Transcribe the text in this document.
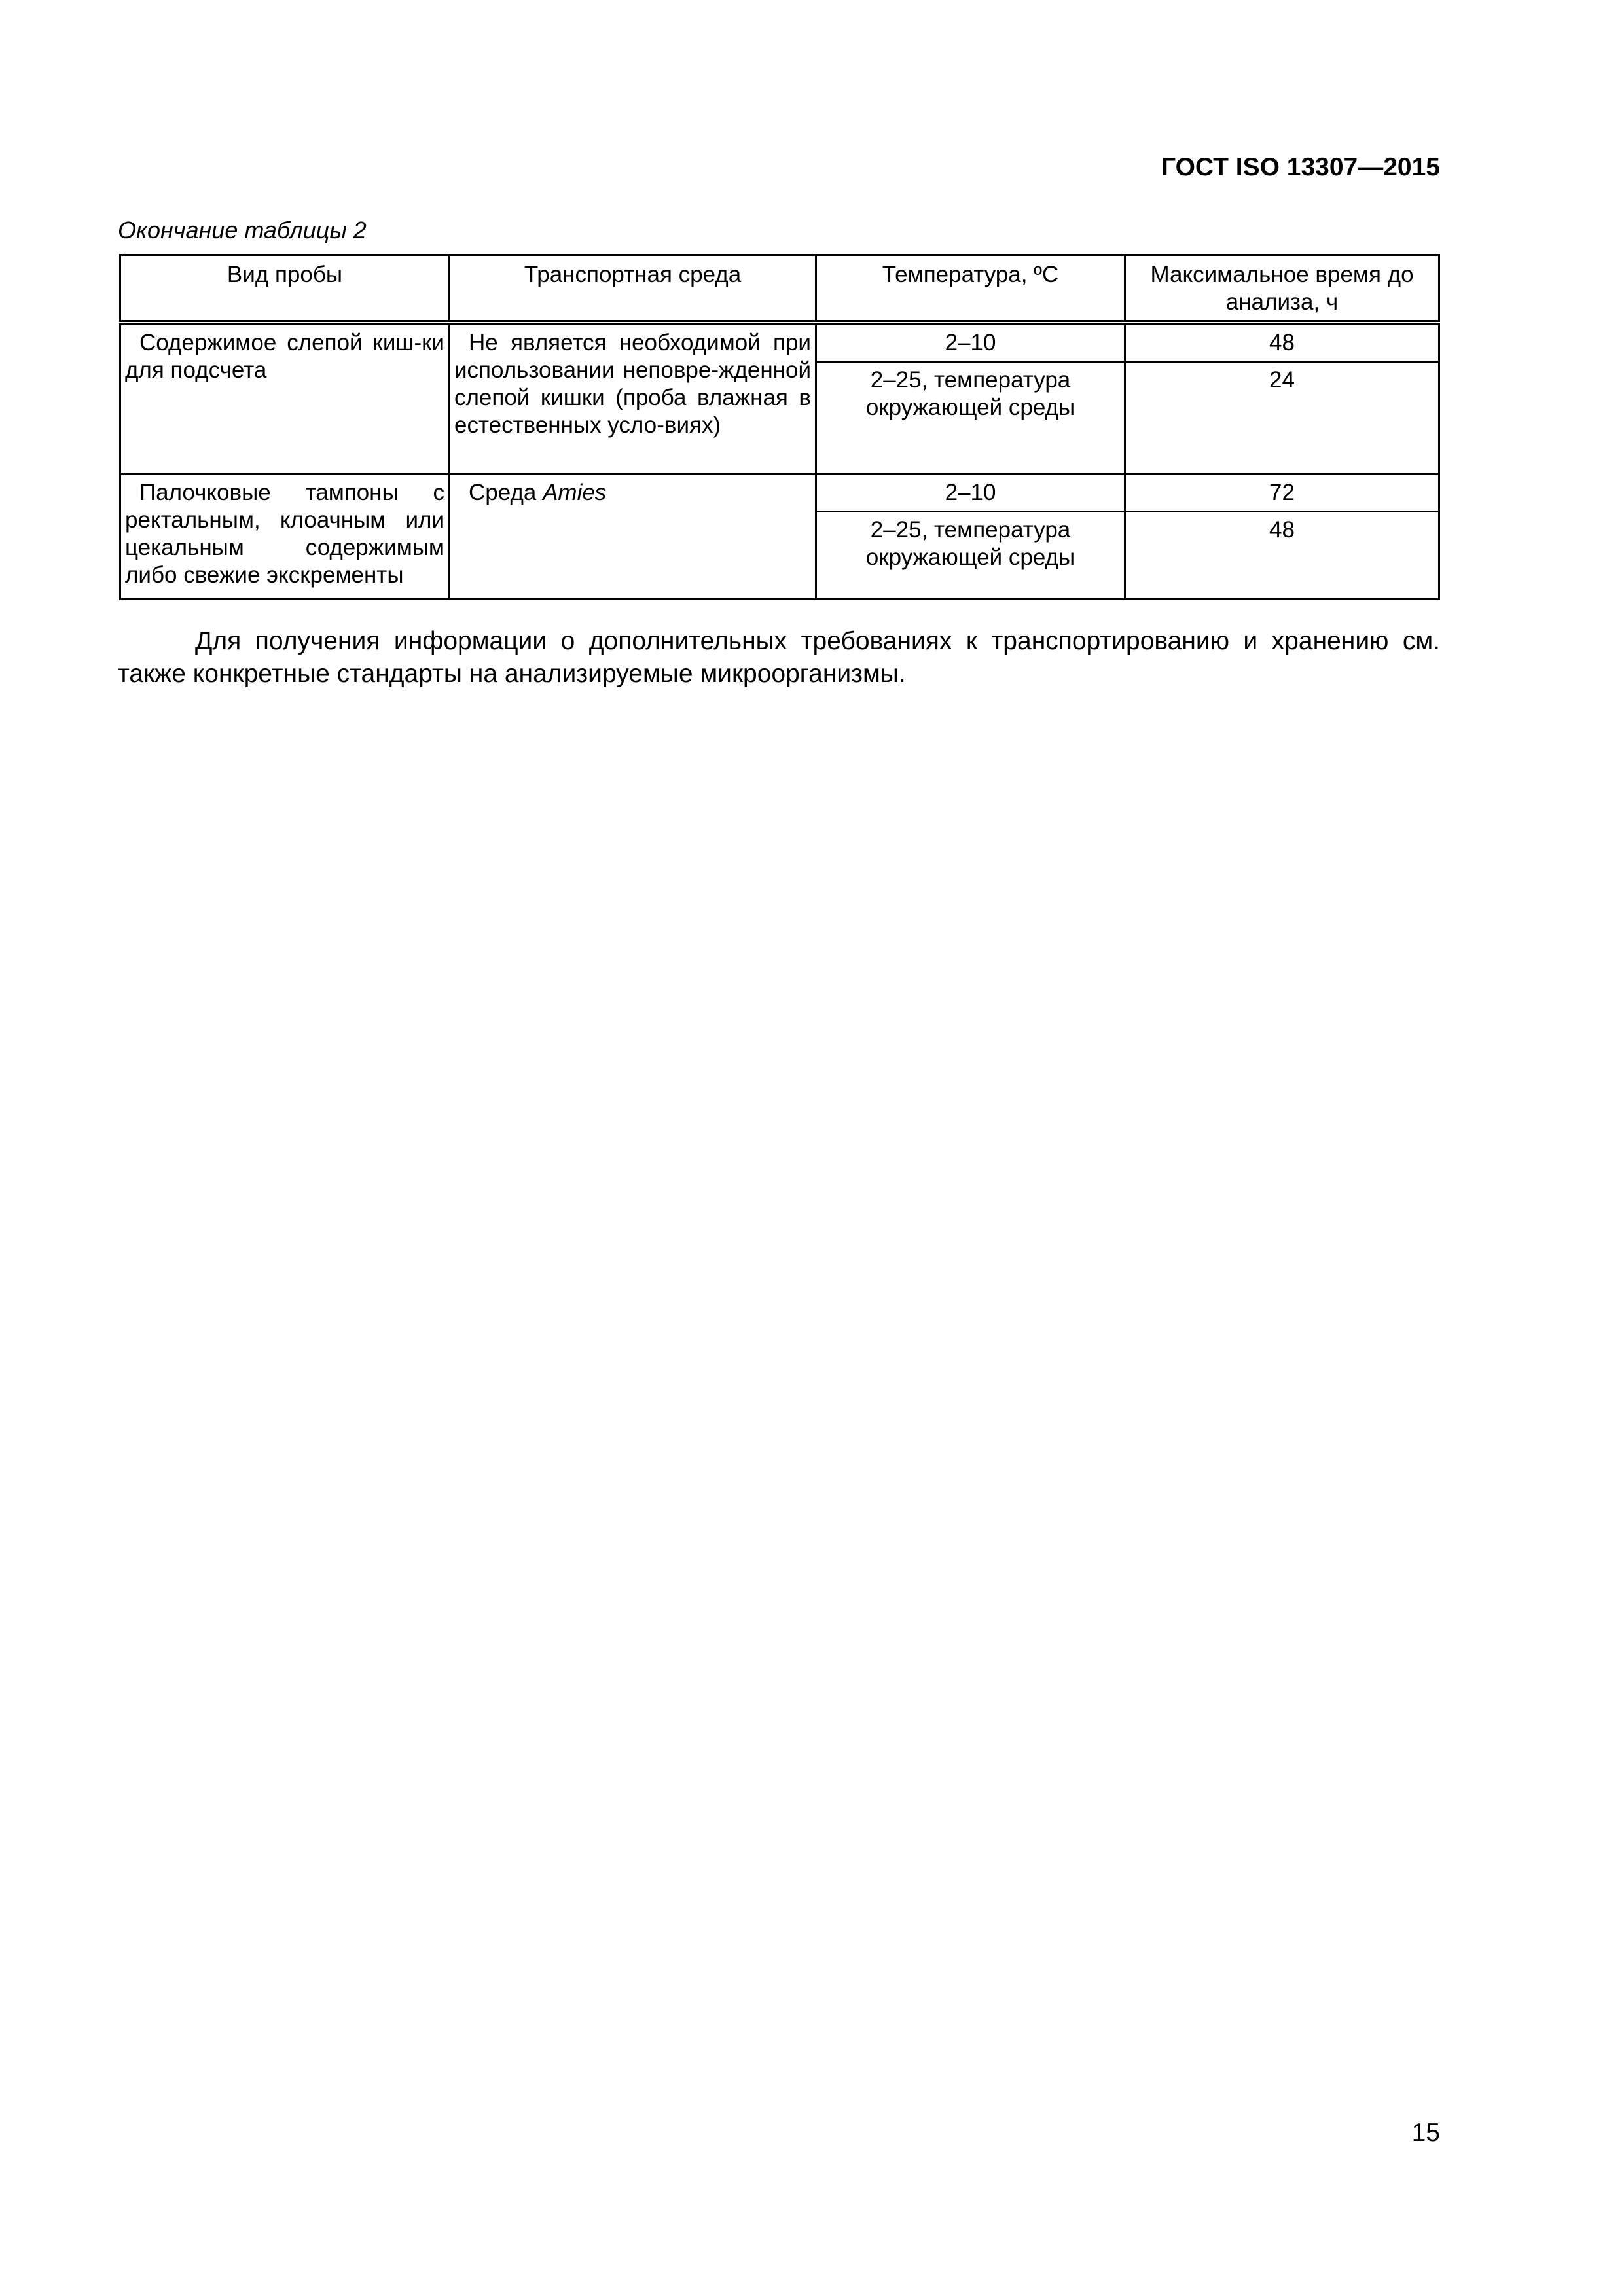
ГОСТ ISO 13307—2015
Окончание таблицы 2
Вид пробы	Транспортная среда	Температура, ºС	Максимальное время до анализа, ч
Содержимое слепой киш-ки для подсчета	Не является необходимой при использовании неповре-жденной слепой кишки (проба влажная в естественных усло-виях)	2–10	48
		2–25, температура окружающей среды	24
Палочковые тампоны с ректальным, клоачным или цекальным содержимым либо свежие экскременты	Среда Amies	2–10	72
		2–25, температура окружающей среды	48
Для получения информации о дополнительных требованиях к транспортированию и хранению см. также конкретные стандарты на анализируемые микроорганизмы.
15
